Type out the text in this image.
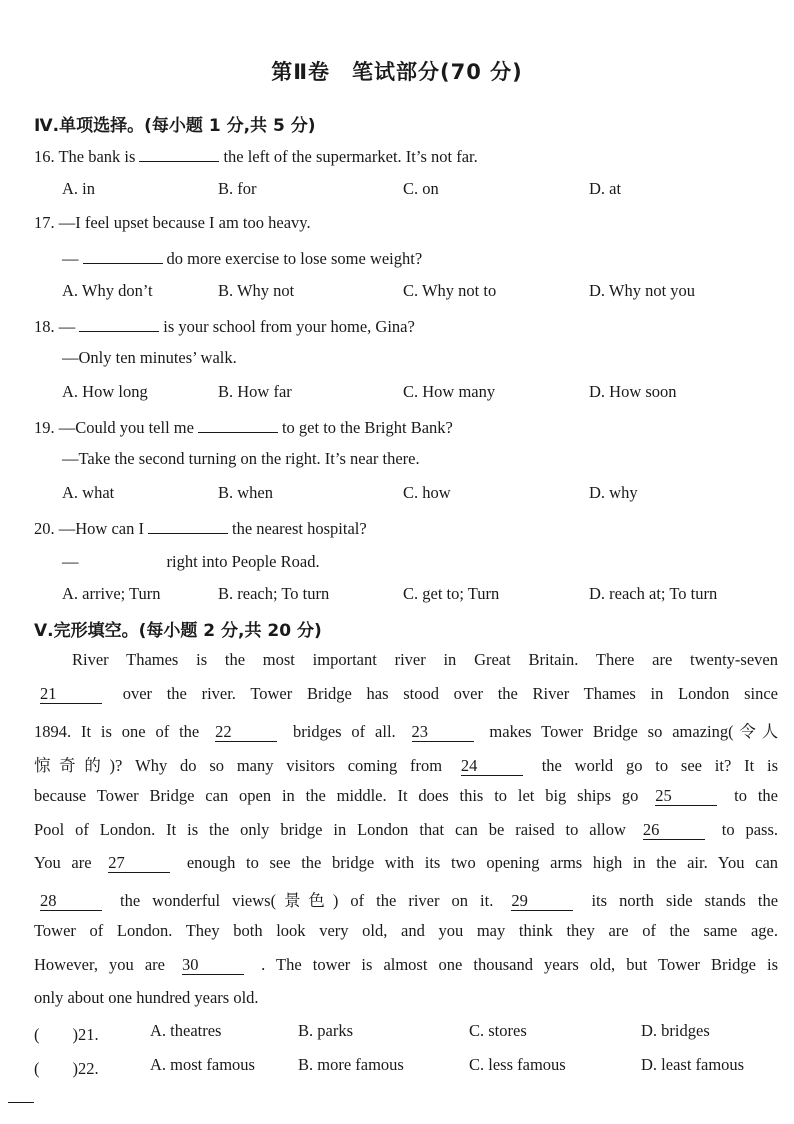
第Ⅱ卷　笔试部分(70 分)
Ⅳ.单项选择。(每小题 1 分,共 5 分)
16. The bank is	the left of the supermarket. It’s not far.
A. in	B. for	C. on	D. at
17. —I feel upset because I am too heavy.
—	do more exercise to lose some weight?
A. Why don’t	B. Why not	C. Why not to	D. Why not you
18. —	is your school from your home, Gina?
—Only ten minutes’ walk.
A. How long	B. How far	C. How many	D. How soon
19. —Could you tell me	to get to the Bright Bank?
—Take the second turning on the right. It’s near there.
A. what	B. when	C. how	D. why
20. —How can I	the nearest hospital?
—	right into People Road.
A. arrive; Turn	B. reach; To turn	C. get to; Turn	D. reach at; To turn
Ⅴ.完形填空。(每小题 2 分,共 20 分)
River Thames is the most important river in Great Britain. There are twenty-seven
21	over the river. Tower Bridge has stood over the River Thames in London since
1894. It is one of the 22	bridges of all. 23	makes Tower Bridge so amazing(令人
惊奇的)? Why do so many visitors coming from 24	the world go to see it? It is
because Tower Bridge can open in the middle. It does this to let big ships go 25	to the
Pool of London. It is the only bridge in London that can be raised to allow 26	to pass.
You are 27	enough to see the bridge with its two opening arms high in the air. You can
28	the wonderful views(景色) of the river on it. 29	its north side stands the
Tower of London. They both look very old, and you may think they are of the same age.
However, you are 30	. The tower is almost one thousand years old, but Tower Bridge is
only about one hundred years old.
(　　)21.	A. theatres	B. parks	C. stores	D. bridges
(　　)22.	A. most famous	B. more famous	C. less famous	D. least famous
